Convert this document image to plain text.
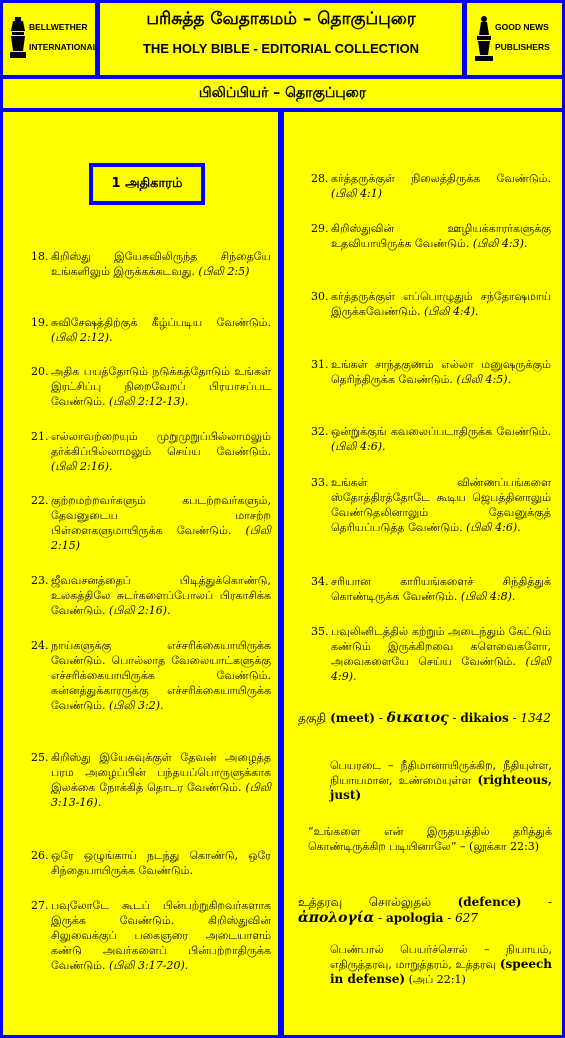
BELLWETHER
INTERNATIONAL
பரிசுத்த வேதாகமம் – தொகுப்புரை
THE HOLY BIBLE - EDITORIAL COLLECTION
GOOD NEWS
PUBLISHERS
பிலிப்பியர் – தொகுப்புரை
1 அதிகாரம்
18. கிறிஸ்து இயேசுவிலிருந்த சிந்தையே உங்களிலும் இருக்கக்கடவது. (பிலி 2:5)
19. சுவிசேஷத்திற்குக் கீழ்ப்படிய வேண்டும். (பிலி 2:12).
20. அதிக பயத்தோடும் நடுக்கத்தோடும் உங்கள் இரட்சிப்பு நிறைவேறப் பிரயாசப்பட வேண்டும். (பிலி 2:12-13).
21. எல்லாவற்றையும் முறுமுறுப்பில்லாமலும் தர்க்கிப்பில்லாமலும் செய்ய வேண்டும். (பிலி 2:16).
22. குற்றமற்றவர்களும் கபடற்றவர்களும், தேவனுடைய மாசற்ற பிள்ளைகளுமாயிருக்க வேண்டும். (பிலி 2:15)
23. ஜீவவசனத்தைப் பிடித்துக்கொண்டு, உலகத்திலே சுடர்களைப்போலப் பிரகாசிக்க வேண்டும். (பிலி 2:16).
24. நாய்களுக்கு எச்சரிக்கையாயிருக்க வேண்டும். பொல்லாத வேலையாட்களுக்கு எச்சரிக்கையாயிருக்க வேண்டும். சுன்னத்துக்காரருக்கு எச்சரிக்கையாயிருக்க வேண்டும். (பிலி 3:2).
25. கிறிஸ்து இயேசுவுக்குள் தேவன் அழைத்த பரம அழைப்பின் பந்தயப்பொருளுக்காக இலக்கை நோக்கித் தொடர வேண்டும். (பிலி 3:13-16).
26. ஒரே ஒழுங்காய் நடந்து கொண்டு, ஒரே சிந்தையாயிருக்க வேண்டும்.
27. பவுலோடே கூடப் பின்பற்றுகிறவர்களாக இருக்க வேண்டும். கிறிஸ்துவின் சிலுவைக்குப் பகைஞரை அடையாளம் கண்டு அவர்களைப் பின்பற்றாதிருக்க வேண்டும். (பிலி 3:17-20).
28. கர்த்தருக்குள் நிலைத்திருக்க வேண்டும். (பிலி 4:1)
29. கிறிஸ்துவின் ஊழியக்காரர்களுக்கு உதவியாயிருக்க வேண்டும். (பிலி 4:3).
30. கர்த்தருக்குள் எப்பொழுதும் சந்தோஷமாய் இருக்கவேண்டும். (பிலி 4:4).
31. உங்கள் சாந்தகுணம் எல்லா மனுஷருக்கும் தெரிந்திருக்க வேண்டும். (பிலி 4:5).
32. ஒன்றுக்குங் கவலைப்படாதிருக்க வேண்டும். (பிலி 4:6).
33. உங்கள் விண்ணப்பங்களை ஸ்தோத்திரத்தோடே கூடிய ஜெபத்தினாலும் வேண்டுதலினாலும் தேவனுக்குத் தெரியப்படுத்த வேண்டும். (பிலி 4:6).
34. சரியான காரியங்களைச் சிந்தித்துக் கொண்டிருக்க வேண்டும். (பிலி 4:8).
35. பவுலினிடத்தில் கற்றும் அடைந்தும் கேட்டும் கண்டும் இருக்கிறவை களெவைகளோ, அவைகளையே செய்ய வேண்டும். (பிலி 4:9).
தகுதி (meet) - δικαιος - dikaios - 1342
பெயரடை – நீதிமானாயிருக்கிற, நீதியுள்ள, நியாயமான, உண்மையுள்ள (righteous, just)
“உங்களை என் இருதயத்தில் தரித்துக் கொண்டிருக்கிற படியினாலே” – (லூக்கா 22:3)
உத்தரவு சொல்லுதல் (defence) - ἀπολογία - apologia - 627
பெண்பால் பெயர்ச்சொல் – நியாயம், எதிருத்தரவு, மாறுத்தரம், உத்தரவு (speech in defense) (அப் 22:1)
